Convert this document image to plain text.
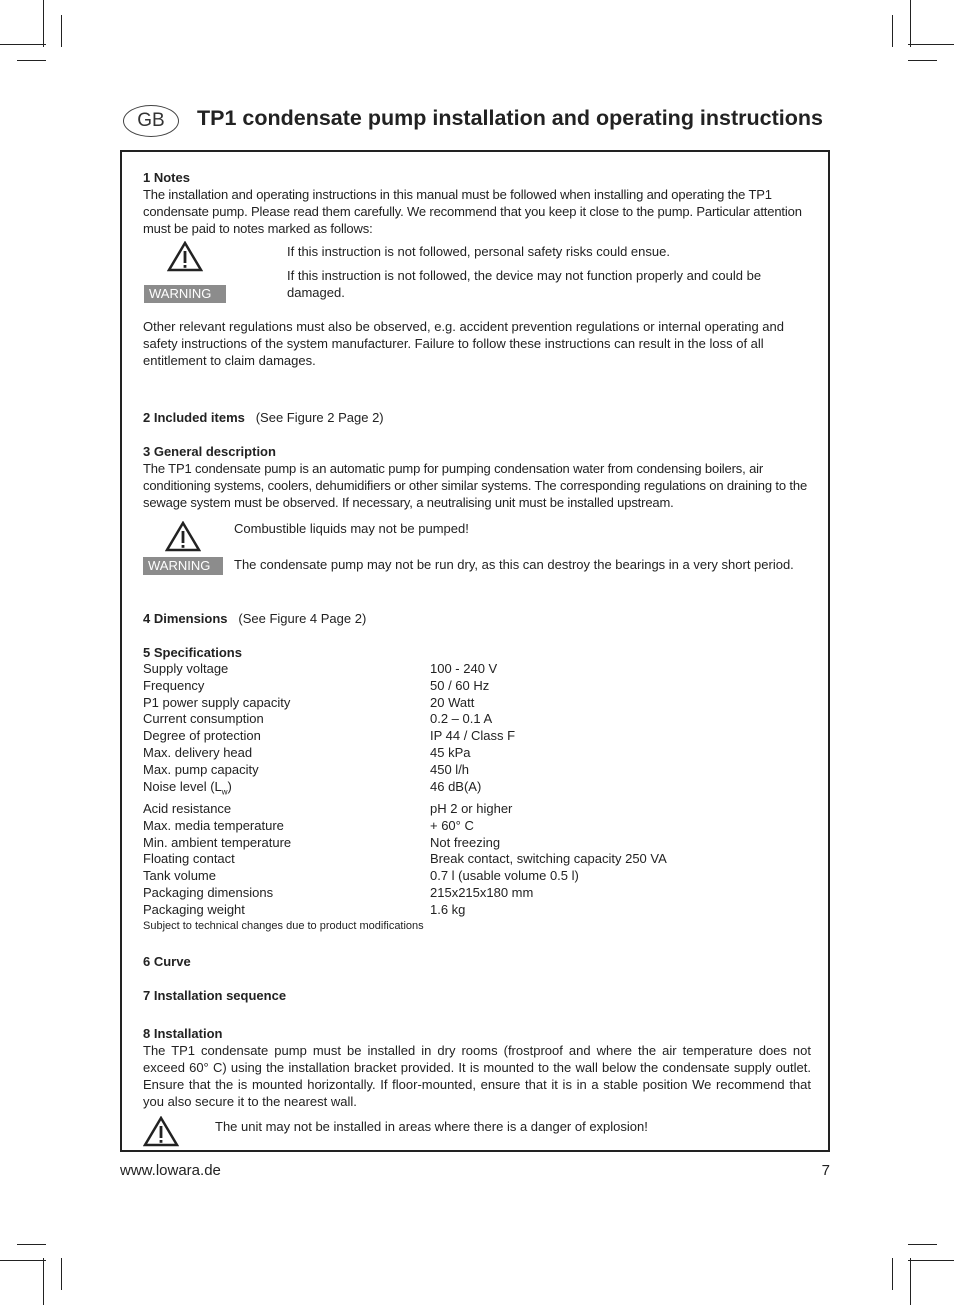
GB	TP1 condensate pump installation and operating instructions

1 Notes

The installation and operating instructions in this manual must be followed when installing and operating the TP1 condensate pump. Please read them carefully. We recommend that you keep it close to the pump. Particular attention must be paid to notes marked as follows:

WARNING

If this instruction is not followed, personal safety risks could ensue.

If this instruction is not followed, the device may not function properly and could be damaged.

Other relevant regulations must also be observed, e.g. accident prevention regulations or internal operating and safety instructions of the system manufacturer. Failure to follow these instructions can result in the loss of all entitlement to claim damages.

2 Included items (See Figure 2 Page 2)

3 General description

The TP1 condensate pump is an automatic pump for pumping condensation water from condensing boilers, air conditioning systems, coolers, dehumidifiers or other similar systems. The corresponding regulations on draining to the sewage system must be observed. If necessary, a neutralising unit must be installed upstream.

WARNING

Combustible liquids may not be pumped!

The condensate pump may not be run dry, as this can destroy the bearings in a very short period.

4 Dimensions (See Figure 4 Page 2)

5 Specifications

Supply voltage	100 - 240 V
Frequency	50 / 60 Hz
P1 power supply capacity	20 Watt
Current consumption	0.2 – 0.1 A
Degree of protection	IP 44 / Class F
Max. delivery head	45 kPa
Max. pump capacity	450 l/h
Noise level $(L_w)$	46 dB(A)
Acid resistance	pH 2 or higher
Max. media temperature	+ 60° C
Min. ambient temperature	Not freezing
Floating contact	Break contact, switching capacity 250 VA
Tank volume	0.7 l (usable volume 0.5 l)
Packaging dimensions	215x215x180 mm
Packaging weight	1.6 kg

Subject to technical changes due to product modifications

6 Curve

7 Installation sequence

8 Installation

The TP1 condensate pump must be installed in dry rooms (frostproof and where the air temperature does not exceed 60° C) using the installation bracket provided. It is mounted to the wall below the condensate supply outlet. Ensure that the is mounted horizontally. If floor-mounted, ensure that it is in a stable position We recommend that you also secure it to the nearest wall.

The unit may not be installed in areas where there is a danger of explosion!

www.lowara.de	7
